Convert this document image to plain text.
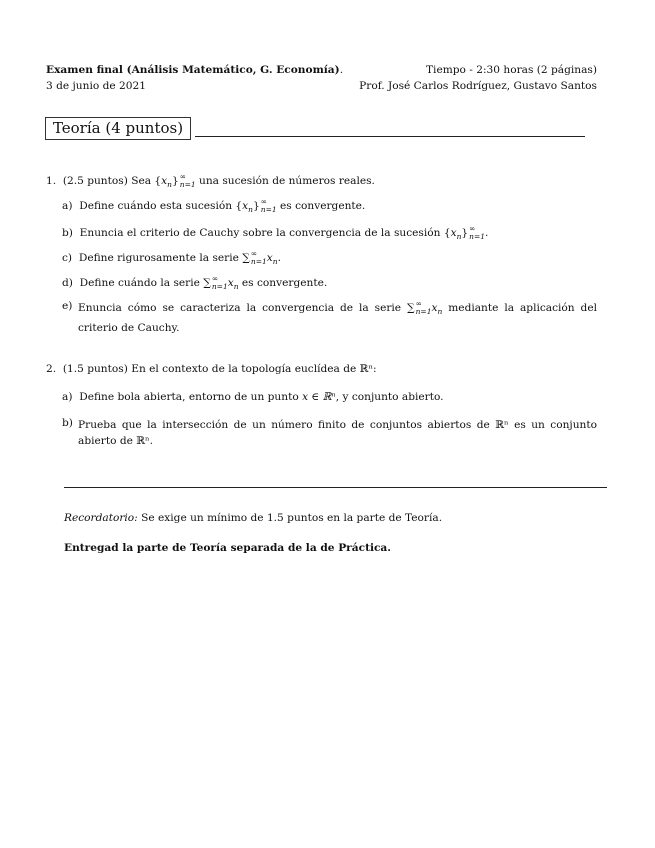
Examen final (Análisis Matemático, G. Economía).	Tiempo - 2:30 horas (2 páginas)
3 de junio de 2021	Prof. José Carlos Rodríguez, Gustavo Santos
Teoría (4 puntos)
1. (2.5 puntos) Sea $\{x_n\}$ ∞
n=1 una sucesión de números reales.
a) Define cuándo esta sucesión $\{x_n\}$ ∞
n=1 es convergente.
b) Enuncia el criterio de Cauchy sobre la convergencia de la sucesión $\{x_n\}$ ∞
n=1 .
c) Define rigurosamente la serie ∑ ∞
n=1 $x_n$.
d) Define cuándo la serie ∑ ∞
n=1 $x_n$ es convergente.
e) Enuncia cómo se caracteriza la convergencia de la serie ∑ ∞
n=1 $x_n$ mediante la aplicación del criterio de Cauchy.
2. (1.5 puntos) En el contexto de la topología euclídea de ℝⁿ:
a) Define bola abierta, entorno de un punto x ∈ ℝⁿ, y conjunto abierto.
b) Prueba que la intersección de un número finito de conjuntos abiertos de ℝⁿ es un conjunto abierto de ℝⁿ.
Recordatorio: Se exige un mínimo de 1.5 puntos en la parte de Teoría.
Entregad la parte de Teoría separada de la de Práctica.
